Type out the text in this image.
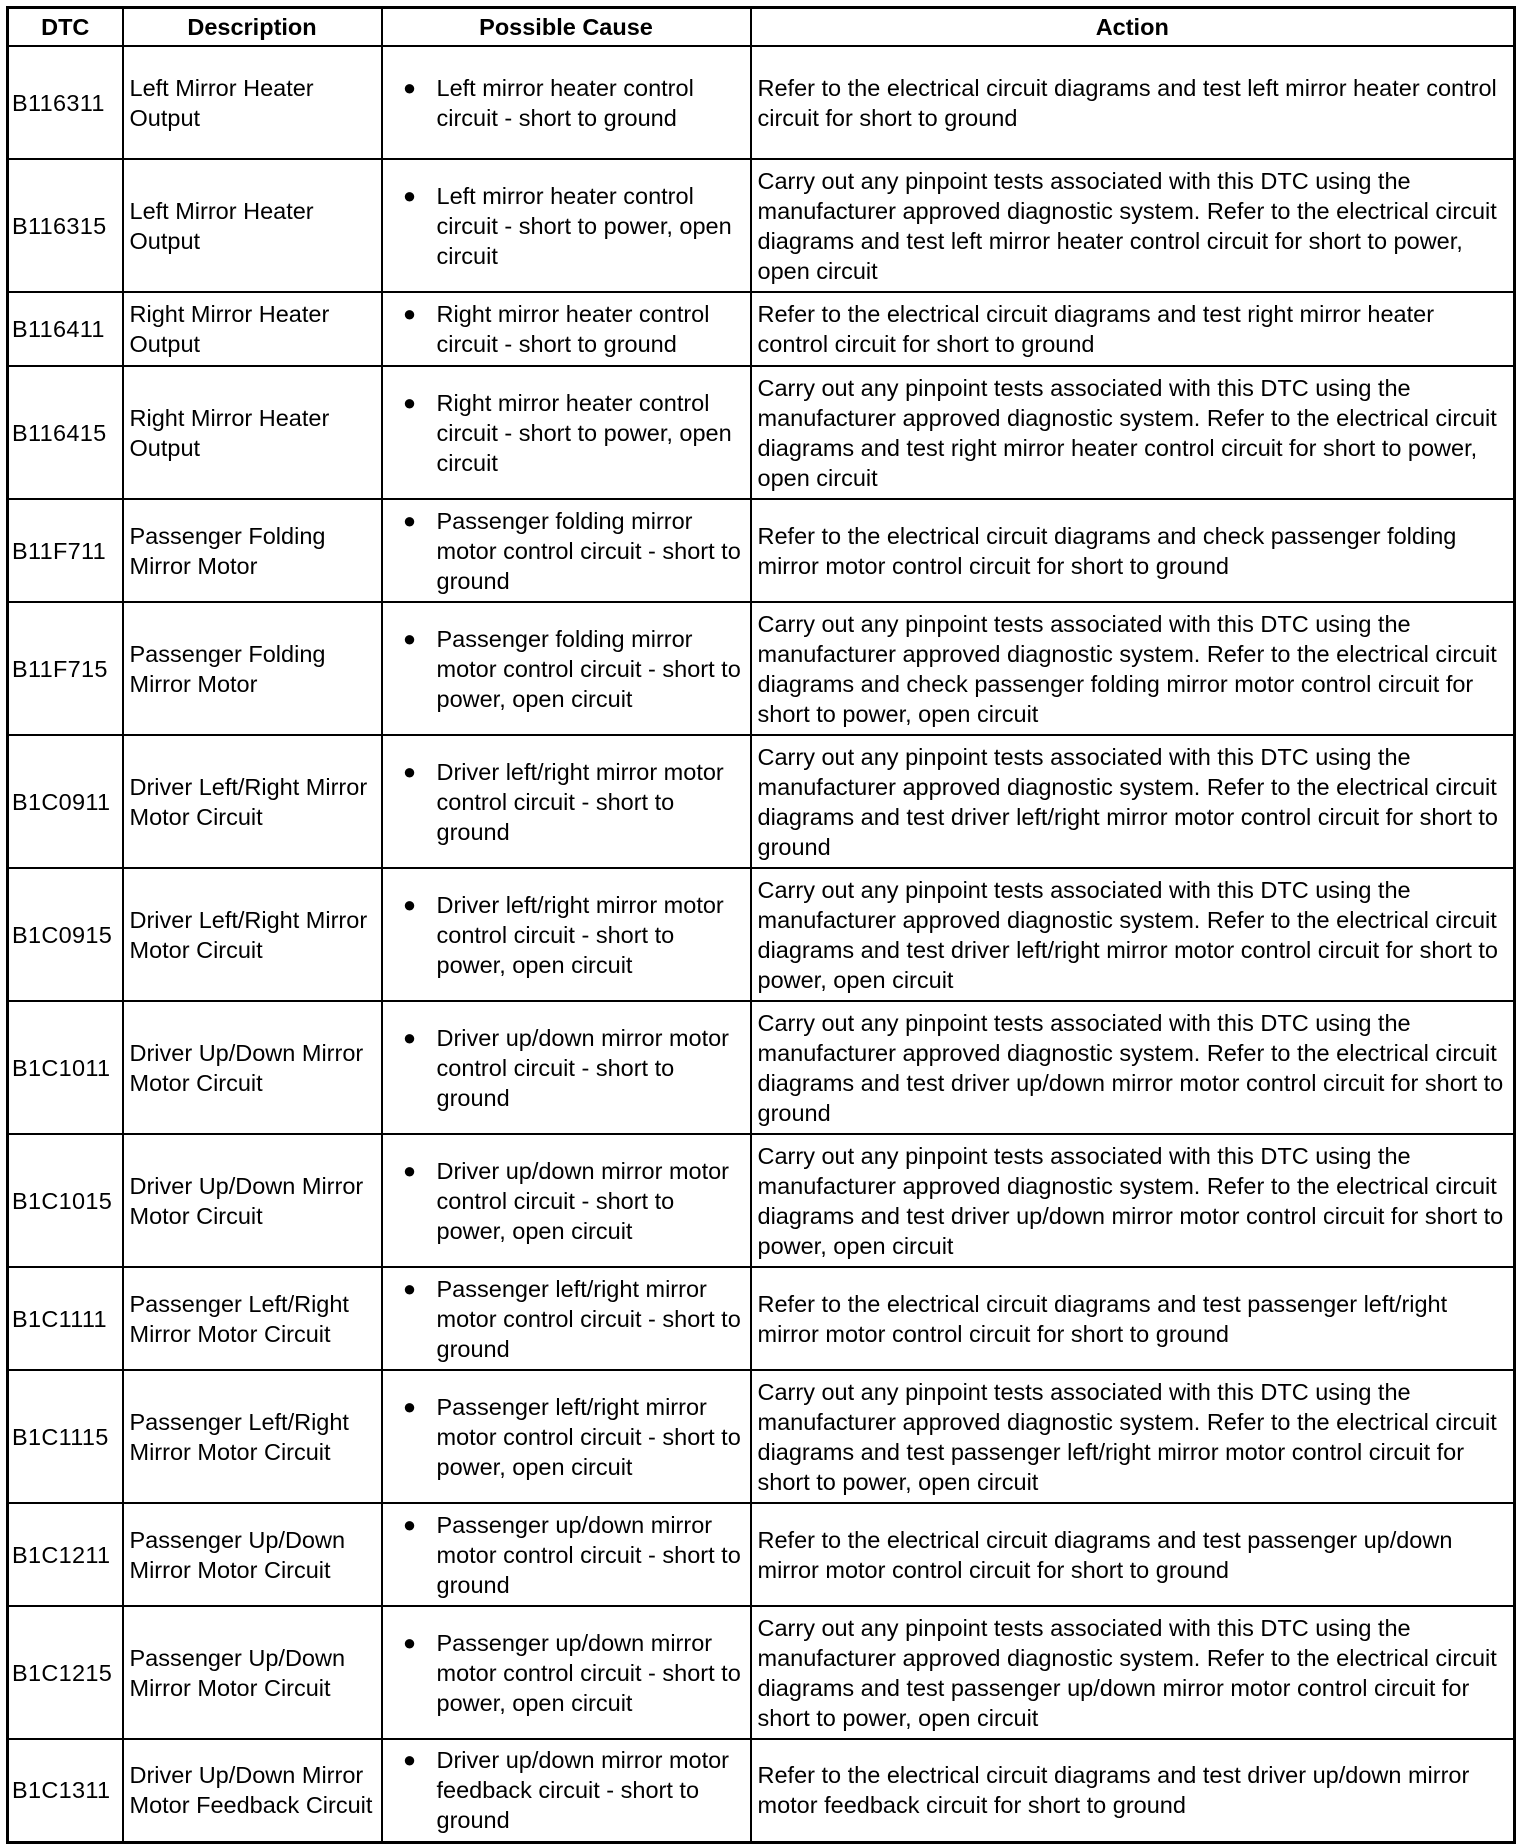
DTC	Description	Possible Cause	Action
B116311	Left Mirror Heater Output	● Left mirror heater control circuit - short to ground	Refer to the electrical circuit diagrams and test left mirror heater control circuit for short to ground
B116315	Left Mirror Heater Output	● Left mirror heater control circuit - short to power, open circuit	Carry out any pinpoint tests associated with this DTC using the manufacturer approved diagnostic system. Refer to the electrical circuit diagrams and test left mirror heater control circuit for short to power, open circuit
B116411	Right Mirror Heater Output	● Right mirror heater control circuit - short to ground	Refer to the electrical circuit diagrams and test right mirror heater control circuit for short to ground
B116415	Right Mirror Heater Output	● Right mirror heater control circuit - short to power, open circuit	Carry out any pinpoint tests associated with this DTC using the manufacturer approved diagnostic system. Refer to the electrical circuit diagrams and test right mirror heater control circuit for short to power, open circuit
B11F711	Passenger Folding Mirror Motor	● Passenger folding mirror motor control circuit - short to ground	Refer to the electrical circuit diagrams and check passenger folding mirror motor control circuit for short to ground
B11F715	Passenger Folding Mirror Motor	● Passenger folding mirror motor control circuit - short to power, open circuit	Carry out any pinpoint tests associated with this DTC using the manufacturer approved diagnostic system. Refer to the electrical circuit diagrams and check passenger folding mirror motor control circuit for short to power, open circuit
B1C0911	Driver Left/Right Mirror Motor Circuit	● Driver left/right mirror motor control circuit - short to ground	Carry out any pinpoint tests associated with this DTC using the manufacturer approved diagnostic system. Refer to the electrical circuit diagrams and test driver left/right mirror motor control circuit for short to ground
B1C0915	Driver Left/Right Mirror Motor Circuit	● Driver left/right mirror motor control circuit - short to power, open circuit	Carry out any pinpoint tests associated with this DTC using the manufacturer approved diagnostic system. Refer to the electrical circuit diagrams and test driver left/right mirror motor control circuit for short to power, open circuit
B1C1011	Driver Up/Down Mirror Motor Circuit	● Driver up/down mirror motor control circuit - short to ground	Carry out any pinpoint tests associated with this DTC using the manufacturer approved diagnostic system. Refer to the electrical circuit diagrams and test driver up/down mirror motor control circuit for short to ground
B1C1015	Driver Up/Down Mirror Motor Circuit	● Driver up/down mirror motor control circuit - short to power, open circuit	Carry out any pinpoint tests associated with this DTC using the manufacturer approved diagnostic system. Refer to the electrical circuit diagrams and test driver up/down mirror motor control circuit for short to power, open circuit
B1C1111	Passenger Left/Right Mirror Motor Circuit	● Passenger left/right mirror motor control circuit - short to ground	Refer to the electrical circuit diagrams and test passenger left/right mirror motor control circuit for short to ground
B1C1115	Passenger Left/Right Mirror Motor Circuit	● Passenger left/right mirror motor control circuit - short to power, open circuit	Carry out any pinpoint tests associated with this DTC using the manufacturer approved diagnostic system. Refer to the electrical circuit diagrams and test passenger left/right mirror motor control circuit for short to power, open circuit
B1C1211	Passenger Up/Down Mirror Motor Circuit	● Passenger up/down mirror motor control circuit - short to ground	Refer to the electrical circuit diagrams and test passenger up/down mirror motor control circuit for short to ground
B1C1215	Passenger Up/Down Mirror Motor Circuit	● Passenger up/down mirror motor control circuit - short to power, open circuit	Carry out any pinpoint tests associated with this DTC using the manufacturer approved diagnostic system. Refer to the electrical circuit diagrams and test passenger up/down mirror motor control circuit for short to power, open circuit
B1C1311	Driver Up/Down Mirror Motor Feedback Circuit	● Driver up/down mirror motor feedback circuit - short to ground	Refer to the electrical circuit diagrams and test driver up/down mirror motor feedback circuit for short to ground
